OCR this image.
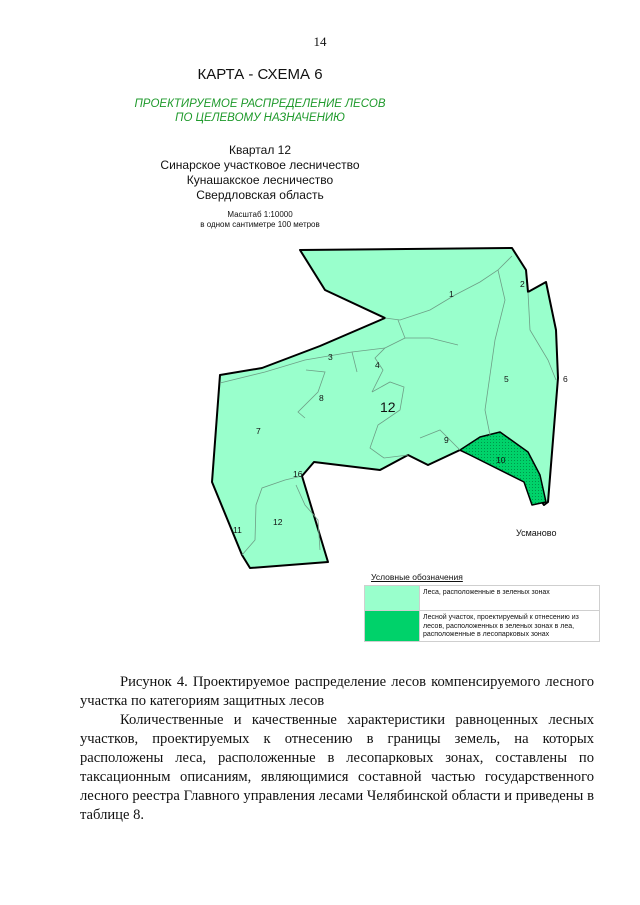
14
КАРТА - СХЕМА 6
ПРОЕКТИРУЕМОЕ РАСПРЕДЕЛЕНИЕ ЛЕСОВ
ПО ЦЕЛЕВОМУ НАЗНАЧЕНИЮ
Квартал 12
Синарское участковое лесничество
Кунашакское лесничество
Свердловская область
Масштаб 1:10000
в одном сантиметре 100 метров
1
2
3
4
5	6
7
8
9
10
11
12
16
12
Усманово
Условные обозначения
Леса, расположенные в зеленых зонах
Лесной участок, проектируемый к отнесению из лесов, расположенных в зеленых зонах в леа, расположенные в лесопарковых зонах
Рисунок 4. Проектируемое распределение лесов компенсируемого лесного участка по категориям защитных лесов
Количественные и качественные характеристики равноценных лесных участков, проектируемых к отнесению в границы земель, на которых расположены леса, расположенные в лесопарковых зонах, составлены по таксационным описаниям, являющимися составной частью государственного лесного реестра Главного управления лесами Челябинской области и приведены в таблице 8.
